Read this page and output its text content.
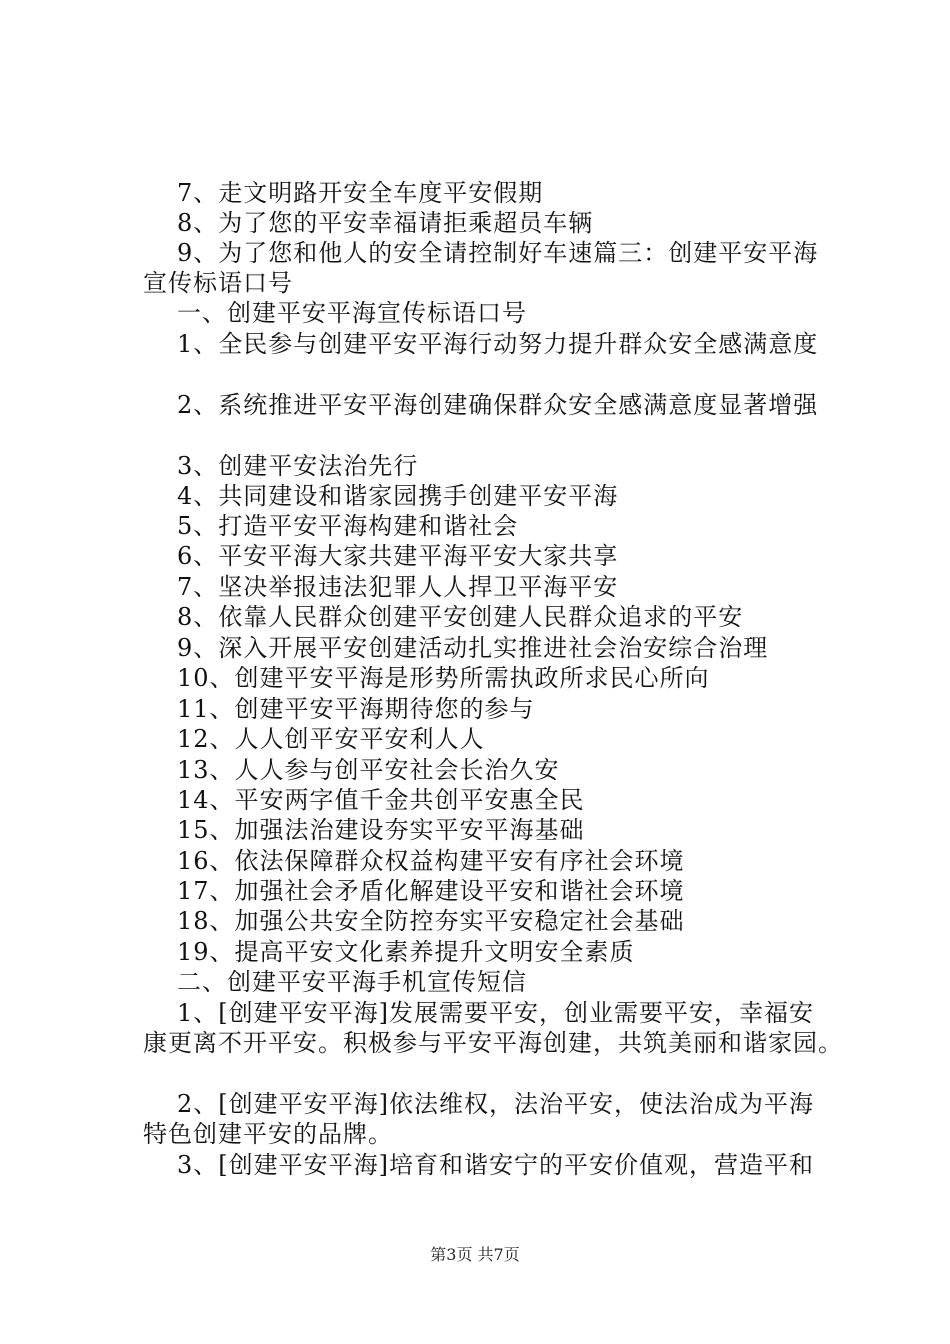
7、走文明路开安全车度平安假期
8、为了您的平安幸福请拒乘超员车辆
9、为了您和他人的安全请控制好车速篇三：创建平安平海
宣传标语口号
一、创建平安平海宣传标语口号
1、全民参与创建平安平海行动努力提升群众安全感满意度
2、系统推进平安平海创建确保群众安全感满意度显著增强
3、创建平安法治先行
4、共同建设和谐家园携手创建平安平海
5、打造平安平海构建和谐社会
6、平安平海大家共建平海平安大家共享
7、坚决举报违法犯罪人人捍卫平海平安
8、依靠人民群众创建平安创建人民群众追求的平安
9、深入开展平安创建活动扎实推进社会治安综合治理
10、创建平安平海是形势所需执政所求民心所向
11、创建平安平海期待您的参与
12、人人创平安平安利人人
13、人人参与创平安社会长治久安
14、平安两字值千金共创平安惠全民
15、加强法治建设夯实平安平海基础
16、依法保障群众权益构建平安有序社会环境
17、加强社会矛盾化解建设平安和谐社会环境
18、加强公共安全防控夯实平安稳定社会基础
19、提高平安文化素养提升文明安全素质
二、创建平安平海手机宣传短信
1、[创建平安平海]发展需要平安，创业需要平安，幸福安
康更离不开平安。积极参与平安平海创建，共筑美丽和谐家园。
2、[创建平安平海]依法维权，法治平安，使法治成为平海
特色创建平安的品牌。
3、[创建平安平海]培育和谐安宁的平安价值观，营造平和
第3页 共7页
